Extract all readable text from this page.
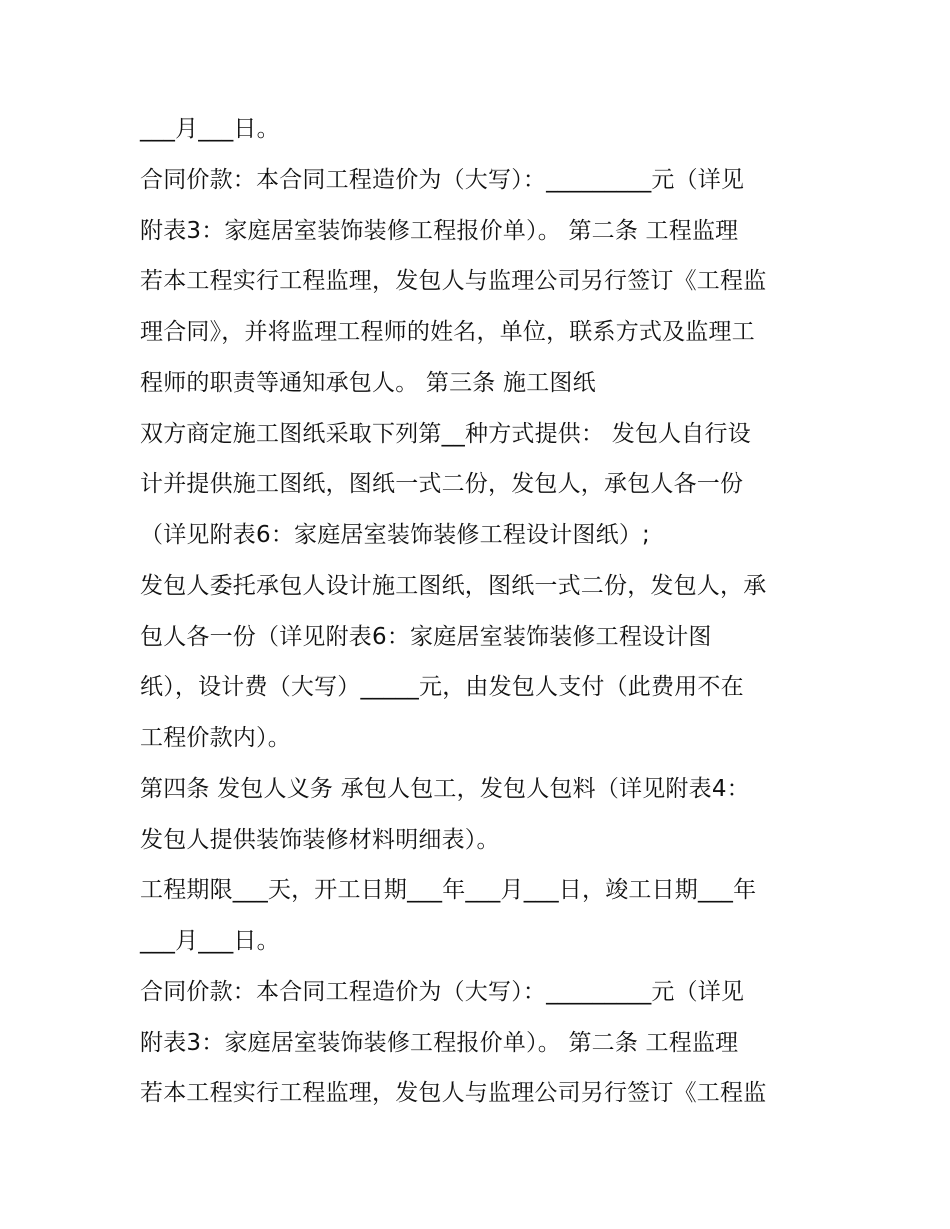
___月___日。
合同价款：本合同工程造价为（大写）：_________元（详见
附表3：家庭居室装饰装修工程报价单）。 第二条 工程监理
若本工程实行工程监理，发包人与监理公司另行签订《工程监
理合同》，并将监理工程师的姓名，单位，联系方式及监理工
程师的职责等通知承包人。 第三条 施工图纸
双方商定施工图纸采取下列第__种方式提供： 发包人自行设
计并提供施工图纸，图纸一式二份，发包人，承包人各一份
（详见附表6：家庭居室装饰装修工程设计图纸）;
发包人委托承包人设计施工图纸，图纸一式二份，发包人，承
包人各一份（详见附表6：家庭居室装饰装修工程设计图
纸），设计费（大写）_____元，由发包人支付（此费用不在
工程价款内）。
第四条 发包人义务 承包人包工，发包人包料（详见附表4：
发包人提供装饰装修材料明细表）。
工程期限___天，开工日期___年___月___日，竣工日期___年
___月___日。
合同价款：本合同工程造价为（大写）：_________元（详见
附表3：家庭居室装饰装修工程报价单）。 第二条 工程监理
若本工程实行工程监理，发包人与监理公司另行签订《工程监
